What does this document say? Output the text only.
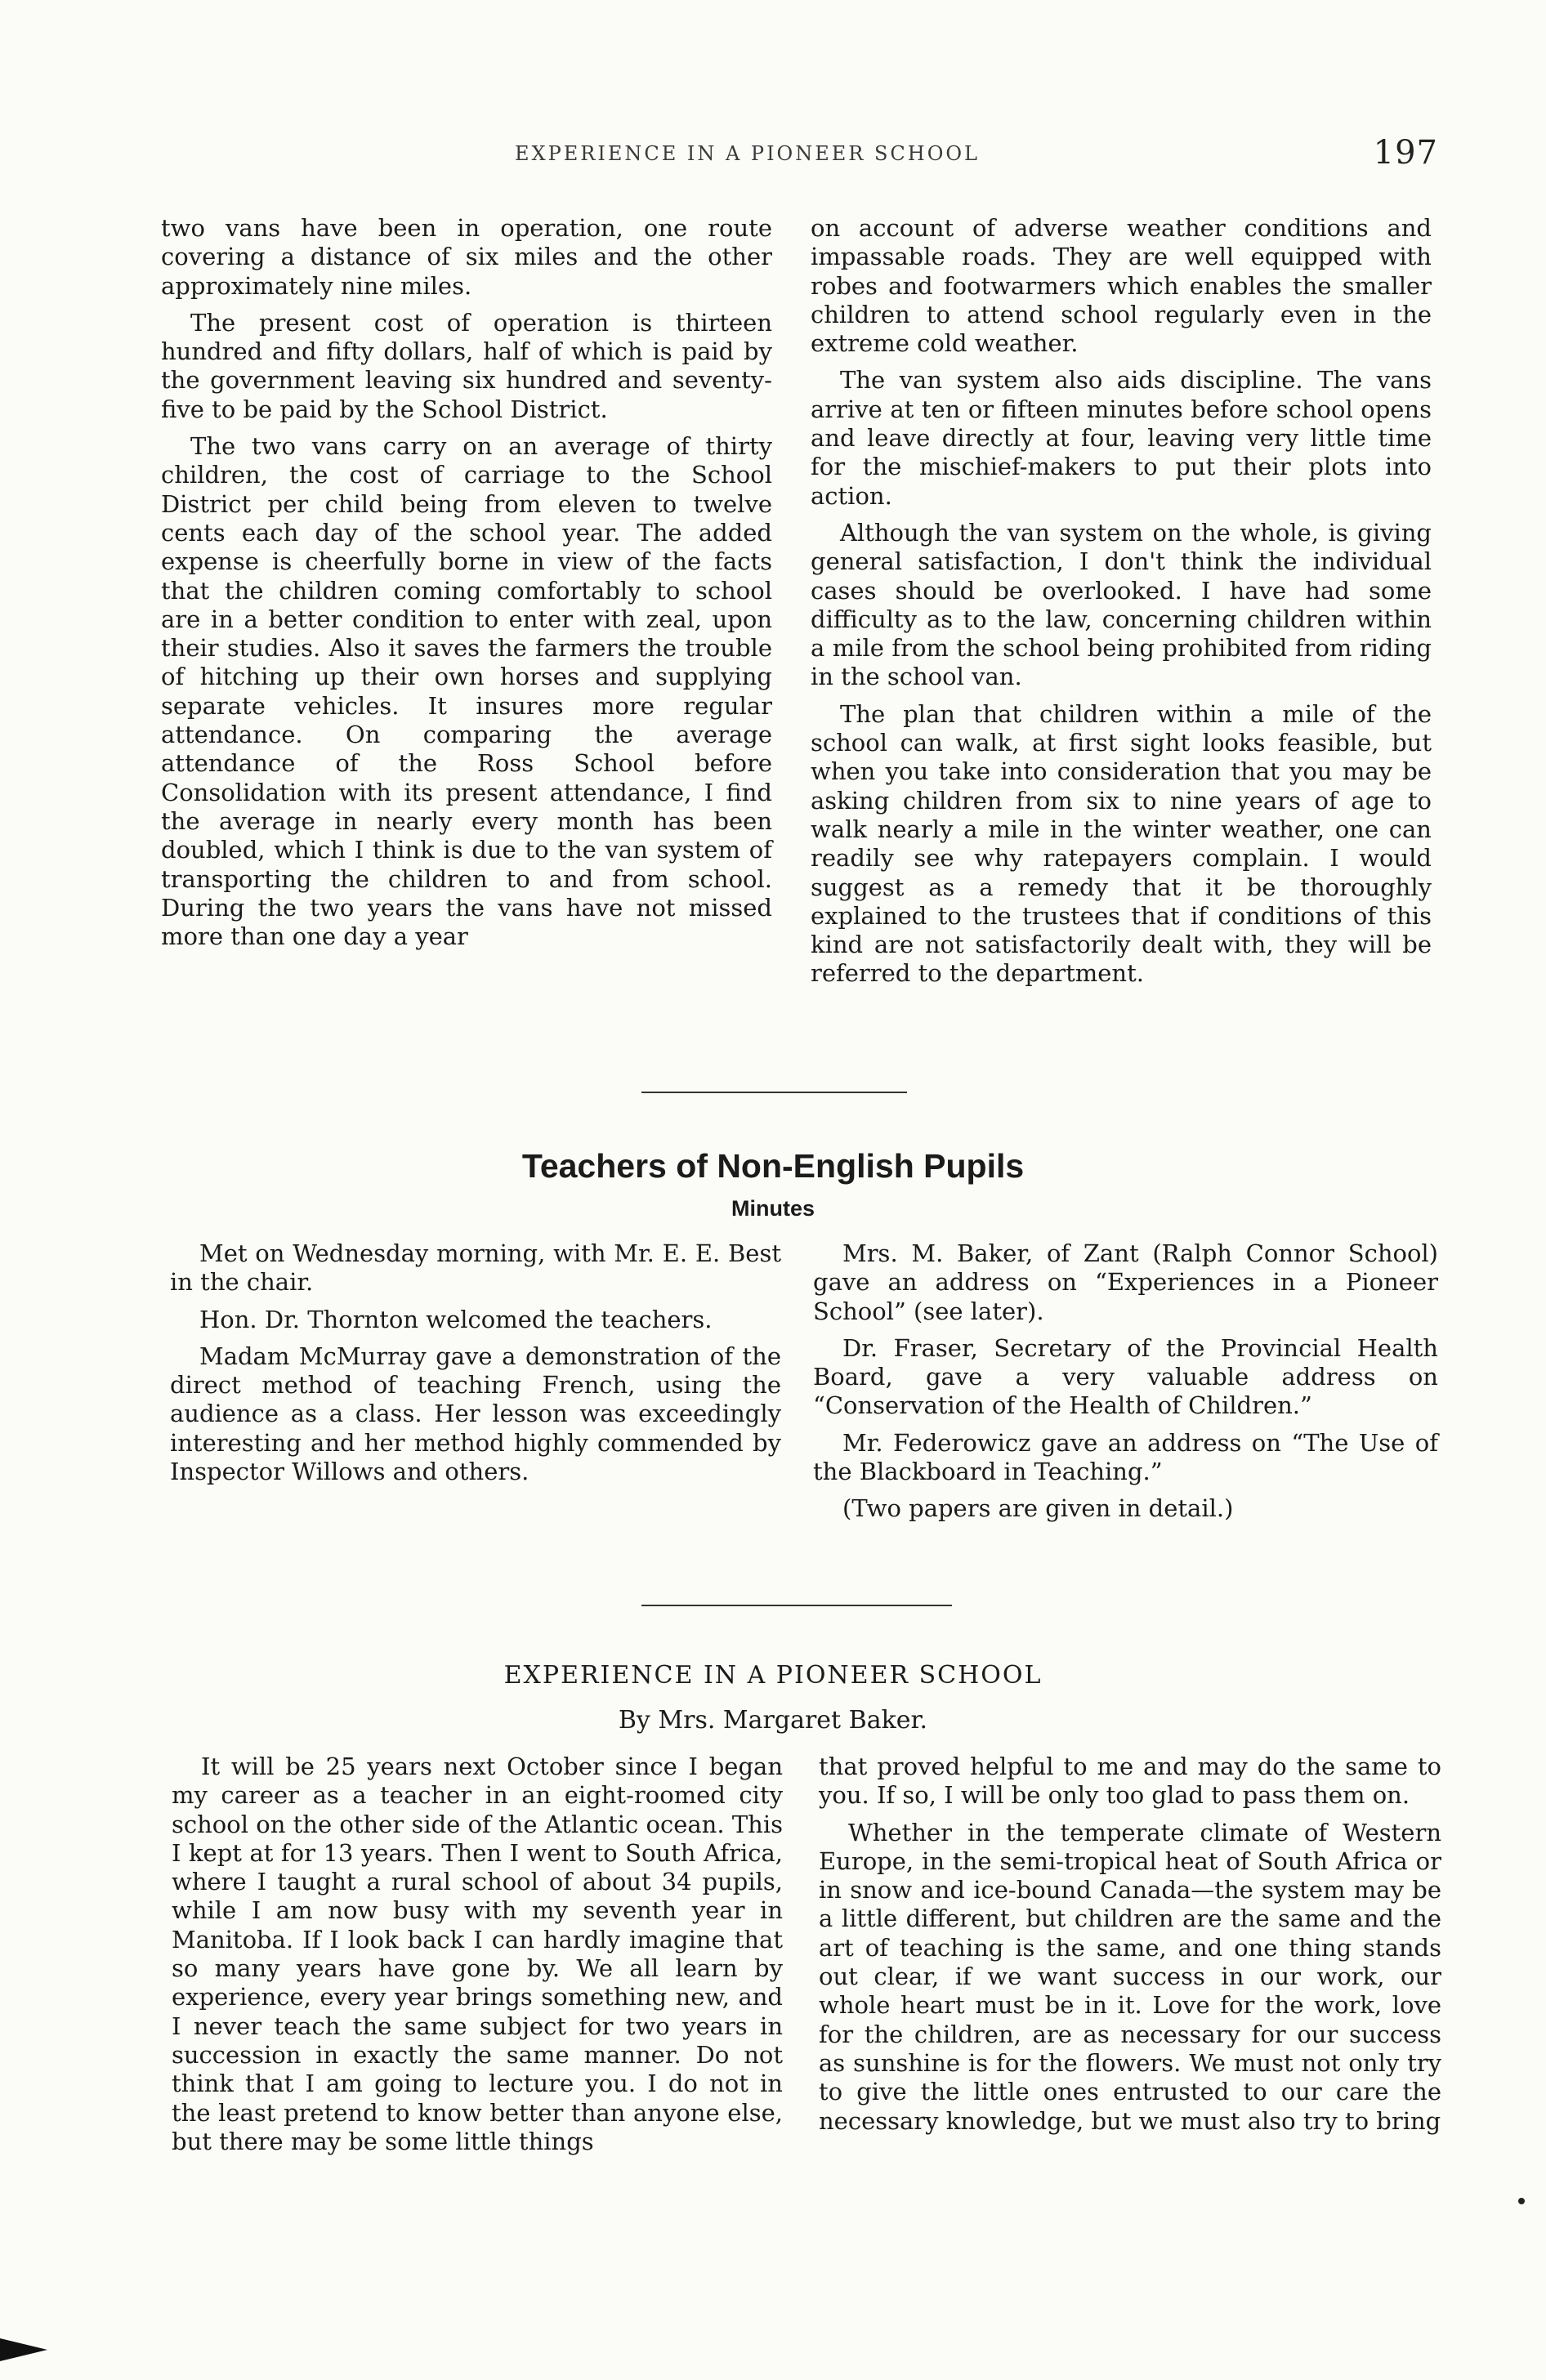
EXPERIENCE IN A PIONEER SCHOOL	197

two vans have been in operation, one route covering a distance of six miles and the other approximately nine miles.

The present cost of operation is thirteen hundred and fifty dollars, half of which is paid by the government leaving six hundred and seventy-five to be paid by the School District.

The two vans carry on an average of thirty children, the cost of carriage to the School District per child being from eleven to twelve cents each day of the school year. The added expense is cheerfully borne in view of the facts that the children coming comfortably to school are in a better condition to enter with zeal, upon their studies. Also it saves the farmers the trouble of hitching up their own horses and supplying separate vehicles. It insures more regular attendance. On comparing the average attendance of the Ross School before Consolidation with its present attendance, I find the average in nearly every month has been doubled, which I think is due to the van system of transporting the children to and from school. During the two years the vans have not missed more than one day a year

on account of adverse weather conditions and impassable roads. They are well equipped with robes and footwarmers which enables the smaller children to attend school regularly even in the extreme cold weather.

The van system also aids discipline. The vans arrive at ten or fifteen minutes before school opens and leave directly at four, leaving very little time for the mischief-makers to put their plots into action.

Although the van system on the whole, is giving general satisfaction, I don't think the individual cases should be overlooked. I have had some difficulty as to the law, concerning children within a mile from the school being prohibited from riding in the school van.

The plan that children within a mile of the school can walk, at first sight looks feasible, but when you take into consideration that you may be asking children from six to nine years of age to walk nearly a mile in the winter weather, one can readily see why ratepayers complain. I would suggest as a remedy that it be thoroughly explained to the trustees that if conditions of this kind are not satisfactorily dealt with, they will be referred to the department.

Teachers of Non-English Pupils
Minutes

Met on Wednesday morning, with Mr. E. E. Best in the chair.

Hon. Dr. Thornton welcomed the teachers.

Madam McMurray gave a demonstration of the direct method of teaching French, using the audience as a class. Her lesson was exceedingly interesting and her method highly commended by Inspector Willows and others.

Mrs. M. Baker, of Zant (Ralph Connor School) gave an address on “Experiences in a Pioneer School” (see later).

Dr. Fraser, Secretary of the Provincial Health Board, gave a very valuable address on “Conservation of the Health of Children.”

Mr. Federowicz gave an address on “The Use of the Blackboard in Teaching.”

(Two papers are given in detail.)

EXPERIENCE IN A PIONEER SCHOOL
By Mrs. Margaret Baker.

It will be 25 years next October since I began my career as a teacher in an eight-roomed city school on the other side of the Atlantic ocean. This I kept at for 13 years. Then I went to South Africa, where I taught a rural school of about 34 pupils, while I am now busy with my seventh year in Manitoba. If I look back I can hardly imagine that so many years have gone by. We all learn by experience, every year brings something new, and I never teach the same subject for two years in succession in exactly the same manner. Do not think that I am going to lecture you. I do not in the least pretend to know better than anyone else, but there may be some little things

that proved helpful to me and may do the same to you. If so, I will be only too glad to pass them on.

Whether in the temperate climate of Western Europe, in the semi-tropical heat of South Africa or in snow and ice-bound Canada—the system may be a little different, but children are the same and the art of teaching is the same, and one thing stands out clear, if we want success in our work, our whole heart must be in it. Love for the work, love for the children, are as necessary for our success as sunshine is for the flowers. We must not only try to give the little ones entrusted to our care the necessary knowledge, but we must also try to bring
